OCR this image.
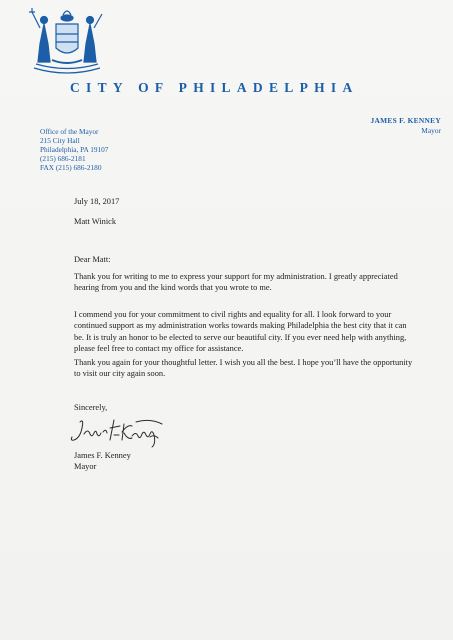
CITY OF PHILADELPHIA
JAMES F. KENNEY
Mayor
Office of the Mayor
215 City Hall
Philadelphia, PA 19107
(215) 686-2181
FAX (215) 686-2180
July 18, 2017
Matt Winick
Dear Matt:
Thank you for writing to me to express your support for my administration. I greatly appreciated hearing from you and the kind words that you wrote to me.
I commend you for your commitment to civil rights and equality for all. I look forward to your continued support as my administration works towards making Philadelphia the best city that it can be. It is truly an honor to be elected to serve our beautiful city. If you ever need help with anything, please feel free to contact my office for assistance.
Thank you again for your thoughtful letter. I wish you all the best. I hope you’ll have the opportunity to visit our city again soon.
Sincerely,
James F. Kenney
Mayor
